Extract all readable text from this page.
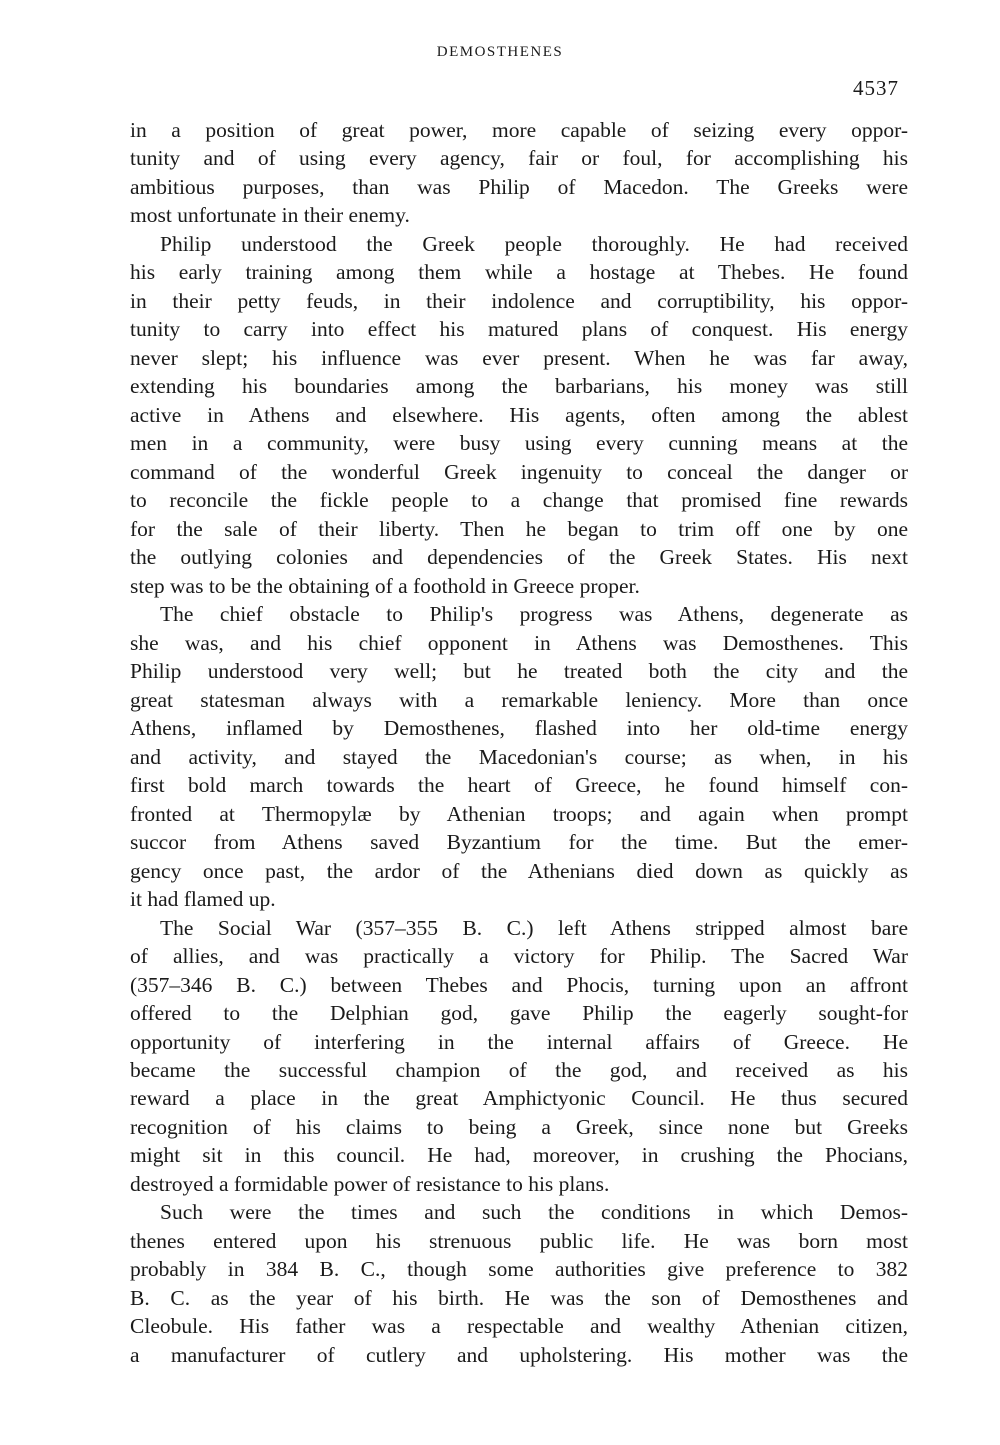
DEMOSTHENES
4537
in a position of great power, more capable of seizing every oppor-
tunity and of using every agency, fair or foul, for accomplishing his
ambitious purposes, than was Philip of Macedon. The Greeks were
most unfortunate in their enemy.
Philip understood the Greek people thoroughly. He had received
his early training among them while a hostage at Thebes. He found
in their petty feuds, in their indolence and corruptibility, his oppor-
tunity to carry into effect his matured plans of conquest. His energy
never slept; his influence was ever present. When he was far away,
extending his boundaries among the barbarians, his money was still
active in Athens and elsewhere. His agents, often among the ablest
men in a community, were busy using every cunning means at the
command of the wonderful Greek ingenuity to conceal the danger or
to reconcile the fickle people to a change that promised fine rewards
for the sale of their liberty. Then he began to trim off one by one
the outlying colonies and dependencies of the Greek States. His next
step was to be the obtaining of a foothold in Greece proper.
The chief obstacle to Philip's progress was Athens, degenerate as
she was, and his chief opponent in Athens was Demosthenes. This
Philip understood very well; but he treated both the city and the
great statesman always with a remarkable leniency. More than once
Athens, inflamed by Demosthenes, flashed into her old-time energy
and activity, and stayed the Macedonian's course; as when, in his
first bold march towards the heart of Greece, he found himself con-
fronted at Thermopylæ by Athenian troops; and again when prompt
succor from Athens saved Byzantium for the time. But the emer-
gency once past, the ardor of the Athenians died down as quickly as
it had flamed up.
The Social War (357–355 B. C.) left Athens stripped almost bare
of allies, and was practically a victory for Philip. The Sacred War
(357–346 B. C.) between Thebes and Phocis, turning upon an affront
offered to the Delphian god, gave Philip the eagerly sought-for
opportunity of interfering in the internal affairs of Greece. He
became the successful champion of the god, and received as his
reward a place in the great Amphictyonic Council. He thus secured
recognition of his claims to being a Greek, since none but Greeks
might sit in this council. He had, moreover, in crushing the Phocians,
destroyed a formidable power of resistance to his plans.
Such were the times and such the conditions in which Demos-
thenes entered upon his strenuous public life. He was born most
probably in 384 B. C., though some authorities give preference to 382
B. C. as the year of his birth. He was the son of Demosthenes and
Cleobule. His father was a respectable and wealthy Athenian citizen,
a manufacturer of cutlery and upholstering. His mother was the
